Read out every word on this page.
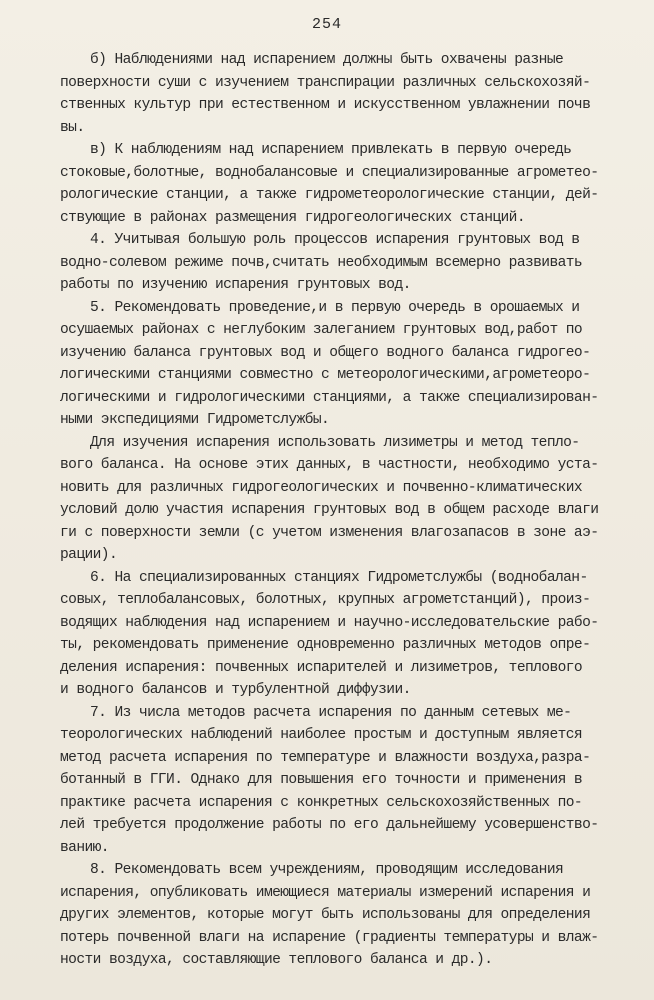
254
б) Наблюдениями над испарением должны быть охвачены разные
поверхности суши с изучением транспирации различных сельскохозяй-
ственных культур при естественном и искусственном увлажнении почв
вы.
в) К наблюдениям над испарением привлекать в первую очередь
стоковые,болотные, воднобалансовые и специализированные агрометео-
рологические станции, а также гидрометеорологические станции, дей-
ствующие в районах размещения гидрогеологических станций.
4. Учитывая большую роль процессов испарения грунтовых вод в
водно-солевом режиме почв,считать необходимым всемерно развивать
работы по изучению испарения грунтовых вод.
5. Рекомендовать проведение,и в первую очередь в орошаемых и
осушаемых районах с неглубоким залеганием грунтовых вод,работ по
изучению баланса грунтовых вод и общего водного баланса гидрогео-
логическими станциями совместно с метеорологическими,агрометеоро-
логическими и гидрологическими станциями, а также специализирован-
ными экспедициями Гидрометслужбы.
Для изучения испарения использовать лизиметры и метод тепло-
вого баланса. На основе этих данных, в частности, необходимо уста-
новить для различных гидрогеологических и почвенно-климатических
условий долю участия испарения грунтовых вод в общем расходе влаги
ги с поверхности земли (с учетом изменения влагозапасов в зоне аэ-
рации).
6. На специализированных станциях Гидрометслужбы (воднобалан-
совых, теплобалансовых, болотных, крупных агрометстанций), произ-
водящих наблюдения над испарением и научно-исследовательские рабо-
ты, рекомендовать применение одновременно различных методов опре-
деления испарения: почвенных испарителей и лизиметров, теплового
и водного балансов и турбулентной диффузии.
7. Из числа методов расчета испарения по данным сетевых ме-
теорологических наблюдений наиболее простым и доступным является
метод расчета испарения по температуре и влажности воздуха,разра-
ботанный в ГГИ. Однако для повышения его точности и применения в
практике расчета испарения с конкретных сельскохозяйственных по-
лей требуется продолжение работы по его дальнейшему усовершенство-
ванию.
8. Рекомендовать всем учреждениям, проводящим исследования
испарения, опубликовать имеющиеся материалы измерений испарения и
других элементов, которые могут быть использованы для определения
потерь почвенной влаги на испарение (градиенты температуры и влаж-
ности воздуха, составляющие теплового баланса и др.).
